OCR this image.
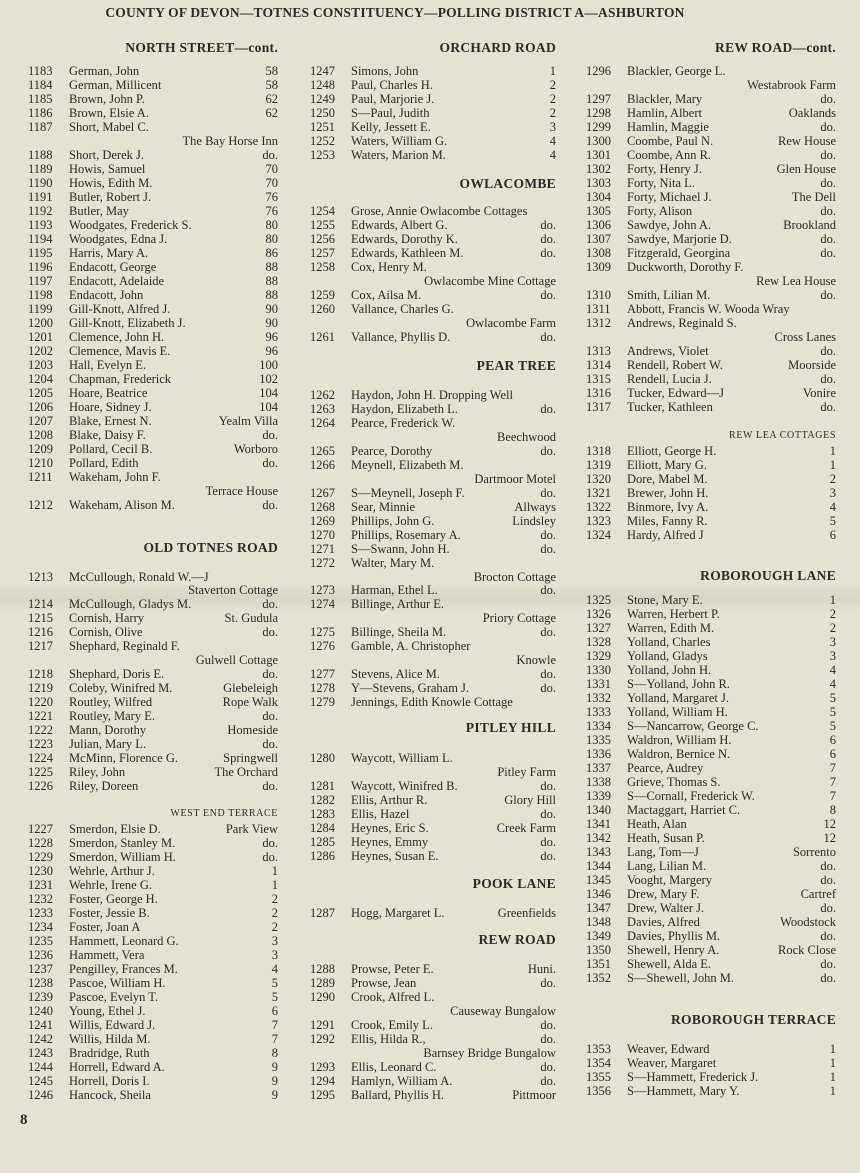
COUNTY OF DEVON—TOTNES CONSTITUENCY—POLLING DISTRICT A—ASHBURTON
NORTH STREET—cont.
1183	German, John	58
1184	German, Millicent	58
1185	Brown, John P.	62
1186	Brown, Elsie A.	62
1187	Short, Mabel C.
The Bay Horse Inn
1188	Short, Derek J.	do.
1189	Howis, Samuel	70
1190	Howis, Edith M.	70
1191	Butler, Robert J.	76
1192	Butler, May	76
1193	Woodgates, Frederick S.	80
1194	Woodgates, Edna J.	80
1195	Harris, Mary A.	86
1196	Endacott, George	88
1197	Endacott, Adelaide	88
1198	Endacott, John	88
1199	Gill-Knott, Alfred J.	90
1200	Gill-Knott, Elizabeth J.	90
1201	Clemence, John H.	96
1202	Clemence, Mavis E.	96
1203	Hall, Evelyn E.	100
1204	Chapman, Frederick	102
1205	Hoare, Beatrice	104
1206	Hoare, Sidney J.	104
1207	Blake, Ernest N.	Yealm Villa
1208	Blake, Daisy F.	do.
1209	Pollard, Cecil B.	Worboro
1210	Pollard, Edith	do.
1211	Wakeham, John F.
Terrace House
1212	Wakeham, Alison M.	do.
OLD TOTNES ROAD
1213	McCullough, Ronald W.—J
Staverton Cottage
1214	McCullough, Gladys M.	do.
1215	Cornish, Harry	St. Gudula
1216	Cornish, Olive	do.
1217	Shephard, Reginald F.
Gulwell Cottage
1218	Shephard, Doris E.	do.
1219	Coleby, Winifred M.	Glebeleigh
1220	Routley, Wilfred	Rope Walk
1221	Routley, Mary E.	do.
1222	Mann, Dorothy	Homeside
1223	Julian, Mary L.	do.
1224	McMinn, Florence G.	Springwell
1225	Riley, John	The Orchard
1226	Riley, Doreen	do.
WEST END TERRACE
1227	Smerdon, Elsie D.	Park View
1228	Smerdon, Stanley M.	do.
1229	Smerdon, William H.	do.
1230	Wehrle, Arthur J.	1
1231	Wehrle, Irene G.	1
1232	Foster, George H.	2
1233	Foster, Jessie B.	2
1234	Foster, Joan A	2
1235	Hammett, Leonard G.	3
1236	Hammett, Vera	3
1237	Pengilley, Frances M.	4
1238	Pascoe, William H.	5
1239	Pascoe, Evelyn T.	5
1240	Young, Ethel J.	6
1241	Willis, Edward J.	7
1242	Willis, Hilda M.	7
1243	Bradridge, Ruth	8
1244	Horrell, Edward A.	9
1245	Horrell, Doris I.	9
1246	Hancock, Sheila	9
ORCHARD ROAD
1247	Simons, John	1
1248	Paul, Charles H.	2
1249	Paul, Marjorie J.	2
1250	S—Paul, Judith	2
1251	Kelly, Jessett E.	3
1252	Waters, William G.	4
1253	Waters, Marion M.	4
OWLACOMBE
1254	Grose, Annie Owlacombe Cottages
1255	Edwards, Albert G.	do.
1256	Edwards, Dorothy K.	do.
1257	Edwards, Kathleen M.	do.
1258	Cox, Henry M.
Owlacombe Mine Cottage
1259	Cox, Ailsa M.	do.
1260	Vallance, Charles G.
Owlacombe Farm
1261	Vallance, Phyllis D.	do.
PEAR TREE
1262	Haydon, John H. Dropping Well
1263	Haydon, Elizabeth L.	do.
1264	Pearce, Frederick W.
Beechwood
1265	Pearce, Dorothy	do.
1266	Meynell, Elizabeth M.
Dartmoor Motel
1267	S—Meynell, Joseph F.	do.
1268	Sear, Minnie	Allways
1269	Phillips, John G.	Lindsley
1270	Phillips, Rosemary A.	do.
1271	S—Swann, John H.	do.
1272	Walter, Mary M.
Brocton Cottage
1273	Harman, Ethel L.	do.
1274	Billinge, Arthur E.
Priory Cottage
1275	Billinge, Sheila M.	do.
1276	Gamble, A. Christopher
Knowle
1277	Stevens, Alice M.	do.
1278	Y—Stevens, Graham J.	do.
1279	Jennings, Edith Knowle Cottage
PITLEY HILL
1280	Waycott, William L.
Pitley Farm
1281	Waycott, Winifred B.	do.
1282	Ellis, Arthur R.	Glory Hill
1283	Ellis, Hazel	do.
1284	Heynes, Eric S.	Creek Farm
1285	Heynes, Emmy	do.
1286	Heynes, Susan E.	do.
POOK LANE
1287	Hogg, Margaret L.	Greenfields
REW ROAD
1288	Prowse, Peter E.	Huni.
1289	Prowse, Jean	do.
1290	Crook, Alfred L.
Causeway Bungalow
1291	Crook, Emily L.	do.
1292	Ellis, Hilda R.,	do.
Barnsey Bridge Bungalow
1293	Ellis, Leonard C.	do.
1294	Hamlyn, William A.	do.
1295	Ballard, Phyllis H.	Pittmoor
REW ROAD—cont.
1296	Blackler, George L.
Westabrook Farm
1297	Blackler, Mary	do.
1298	Hamlin, Albert	Oaklands
1299	Hamlin, Maggie	do.
1300	Coombe, Paul N.	Rew House
1301	Coombe, Ann R.	do.
1302	Forty, Henry J.	Glen House
1303	Forty, Nita L.	do.
1304	Forty, Michael J.	The Dell
1305	Forty, Alison	do.
1306	Sawdye, John A.	Brookland
1307	Sawdye, Marjorie D.	do.
1308	Fitzgerald, Georgina	do.
1309	Duckworth, Dorothy F.
Rew Lea House
1310	Smith, Lilian M.	do.
1311	Abbott, Francis W. Wooda Wray
1312	Andrews, Reginald S.
Cross Lanes
1313	Andrews, Violet	do.
1314	Rendell, Robert W.	Moorside
1315	Rendell, Lucia J.	do.
1316	Tucker, Edward—J	Vonire
1317	Tucker, Kathleen	do.
REW LEA COTTAGES
1318	Elliott, George H.	1
1319	Elliott, Mary G.	1
1320	Dore, Mabel M.	2
1321	Brewer, John H.	3
1322	Binmore, Ivy A.	4
1323	Miles, Fanny R.	5
1324	Hardy, Alfred J	6
ROBOROUGH LANE
1325	Stone, Mary E.	1
1326	Warren, Herbert P.	2
1327	Warren, Edith M.	2
1328	Yolland, Charles	3
1329	Yolland, Gladys	3
1330	Yolland, John H.	4
1331	S—Yolland, John R.	4
1332	Yolland, Margaret J.	5
1333	Yolland, William H.	5
1334	S—Nancarrow, George C.	5
1335	Waldron, William H.	6
1336	Waldron, Bernice N.	6
1337	Pearce, Audrey	7
1338	Grieve, Thomas S.	7
1339	S—Cornall, Frederick W.	7
1340	Mactaggart, Harriet C.	8
1341	Heath, Alan	12
1342	Heath, Susan P.	12
1343	Lang, Tom—J	Sorrento
1344	Lang, Lilian M.	do.
1345	Vooght, Margery	do.
1346	Drew, Mary F.	Cartref
1347	Drew, Walter J.	do.
1348	Davies, Alfred	Woodstock
1349	Davies, Phyllis M.	do.
1350	Shewell, Henry A.	Rock Close
1351	Shewell, Alda E.	do.
1352	S—Shewell, John M.	do.
ROBOROUGH TERRACE
1353	Weaver, Edward	1
1354	Weaver, Margaret	1
1355	S—Hammett, Frederick J.	1
1356	S—Hammett, Mary Y.	1
8
